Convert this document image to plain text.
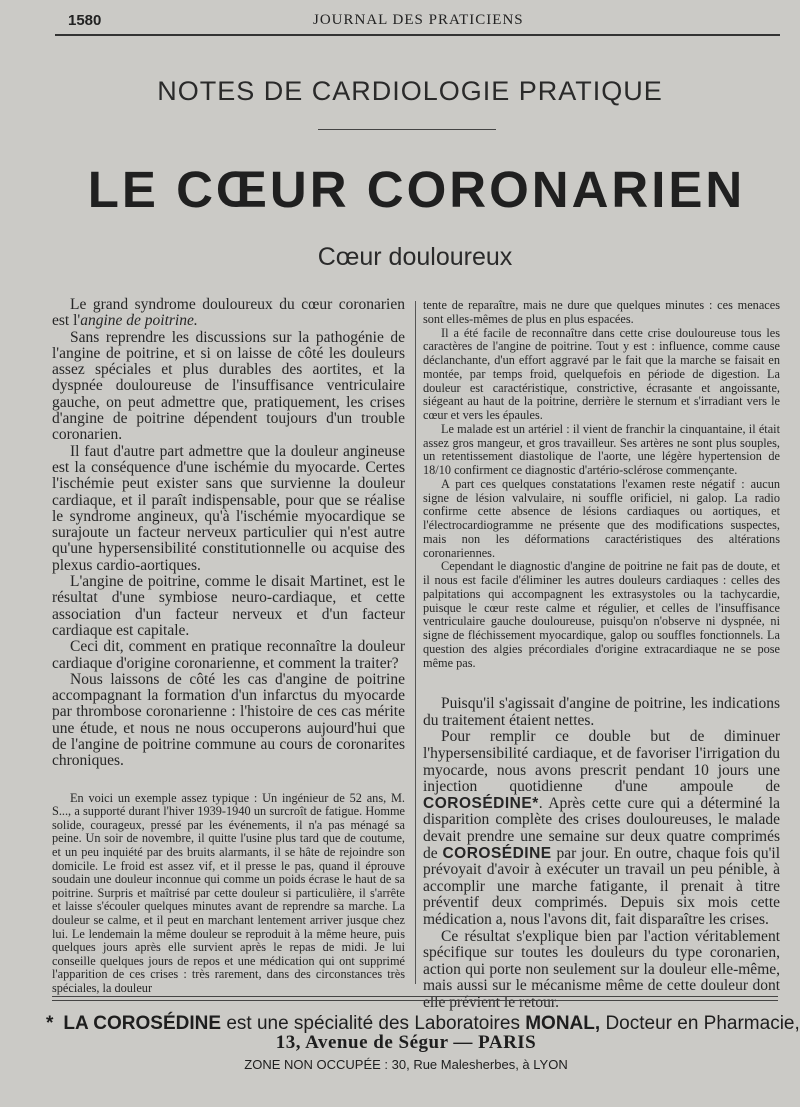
1580	JOURNAL DES PRATICIENS
NOTES DE CARDIOLOGIE PRATIQUE
LE CŒUR CORONARIEN
Cœur douloureux

Le grand syndrome douloureux du cœur coronarien est l'angine de poitrine.

Sans reprendre les discussions sur la pathogénie de l'angine de poitrine, et si on laisse de côté les douleurs assez spéciales et plus durables des aortites, et la dyspnée douloureuse de l'insuffisance ventriculaire gauche, on peut admettre que, pratiquement, les crises d'angine de poitrine dépendent toujours d'un trouble coronarien.

Il faut d'autre part admettre que la douleur angineuse est la conséquence d'une ischémie du myocarde. Certes l'ischémie peut exister sans que survienne la douleur cardiaque, et il paraît indispensable, pour que se réalise le syndrome angineux, qu'à l'ischémie myocardique se surajoute un facteur nerveux particulier qui n'est autre qu'une hypersensibilité constitutionnelle ou acquise des plexus cardio-aortiques.

L'angine de poitrine, comme le disait Martinet, est le résultat d'une symbiose neuro-cardiaque, et cette association d'un facteur nerveux et d'un facteur cardiaque est capitale.

Ceci dit, comment en pratique reconnaître la douleur cardiaque d'origine coronarienne, et comment la traiter?

Nous laissons de côté les cas d'angine de poitrine accompagnant la formation d'un infarctus du myocarde par thrombose coronarienne : l'histoire de ces cas mérite une étude, et nous ne nous occuperons aujourd'hui que de l'angine de poitrine commune au cours de coronarites chroniques.

En voici un exemple assez typique : Un ingénieur de 52 ans, M. S..., a supporté durant l'hiver 1939-1940 un surcroît de fatigue. Homme solide, courageux, pressé par les événements, il n'a pas ménagé sa peine. Un soir de novembre, il quitte l'usine plus tard que de coutume, et un peu inquiété par des bruits alarmants, il se hâte de rejoindre son domicile. Le froid est assez vif, et il presse le pas, quand il éprouve soudain une douleur inconnue qui comme un poids écrase le haut de sa poitrine. Surpris et maîtrisé par cette douleur si particulière, il s'arrête et laisse s'écouler quelques minutes avant de reprendre sa marche. La douleur se calme, et il peut en marchant lentement arriver jusque chez lui. Le lendemain la même douleur se reproduit à la même heure, puis quelques jours après elle survient après le repas de midi. Je lui conseille quelques jours de repos et une médication qui ont supprimé l'apparition de ces crises : très rarement, dans des circonstances très spéciales, la douleur

tente de reparaître, mais ne dure que quelques minutes : ces menaces sont elles-mêmes de plus en plus espacées.

Il a été facile de reconnaître dans cette crise douloureuse tous les caractères de l'angine de poitrine. Tout y est : influence, comme cause déclanchante, d'un effort aggravé par le fait que la marche se faisait en montée, par temps froid, quelquefois en période de digestion. La douleur est caractéristique, constrictive, écrasante et angoissante, siégeant au haut de la poitrine, derrière le sternum et s'irradiant vers le cœur et vers les épaules.

Le malade est un artériel : il vient de franchir la cinquantaine, il était assez gros mangeur, et gros travailleur. Ses artères ne sont plus souples, un retentissement diastolique de l'aorte, une légère hypertension de 18/10 confirment ce diagnostic d'artério-sclérose commençante.

A part ces quelques constatations l'examen reste négatif : aucun signe de lésion valvulaire, ni souffle orificiel, ni galop. La radio confirme cette absence de lésions cardiaques ou aortiques, et l'électrocardiogramme ne présente que des modifications suspectes, mais non les déformations caractéristiques des altérations coronariennes.

Cependant le diagnostic d'angine de poitrine ne fait pas de doute, et il nous est facile d'éliminer les autres douleurs cardiaques : celles des palpitations qui accompagnent les extrasystoles ou la tachycardie, puisque le cœur reste calme et régulier, et celles de l'insuffisance ventriculaire gauche douloureuse, puisqu'on n'observe ni dyspnée, ni signe de fléchissement myocardique, galop ou souffles fonctionnels. La question des algies précordiales d'origine extracardiaque ne se pose même pas.

Puisqu'il s'agissait d'angine de poitrine, les indications du traitement étaient nettes.

Pour remplir ce double but de diminuer l'hypersensibilité cardiaque, et de favoriser l'irrigation du myocarde, nous avons prescrit pendant 10 jours une injection quotidienne d'une ampoule de COROSÉDINE*. Après cette cure qui a déterminé la disparition complète des crises douloureuses, le malade devait prendre une semaine sur deux quatre comprimés de COROSÉDINE par jour. En outre, chaque fois qu'il prévoyait d'avoir à exécuter un travail un peu pénible, à accomplir une marche fatigante, il prenait à titre préventif deux comprimés. Depuis six mois cette médication a, nous l'avons dit, fait disparaître les crises.

Ce résultat s'explique bien par l'action véritablement spécifique sur toutes les douleurs du type coronarien, action qui porte non seulement sur la douleur elle-même, mais aussi sur le mécanisme même de cette douleur dont elle prévient le retour.

* LA COROSÉDINE est une spécialité des Laboratoires MONAL, Docteur en Pharmacie,
13, Avenue de Ségur — PARIS
ZONE NON OCCUPÉE : 30, Rue Malesherbes, à LYON
